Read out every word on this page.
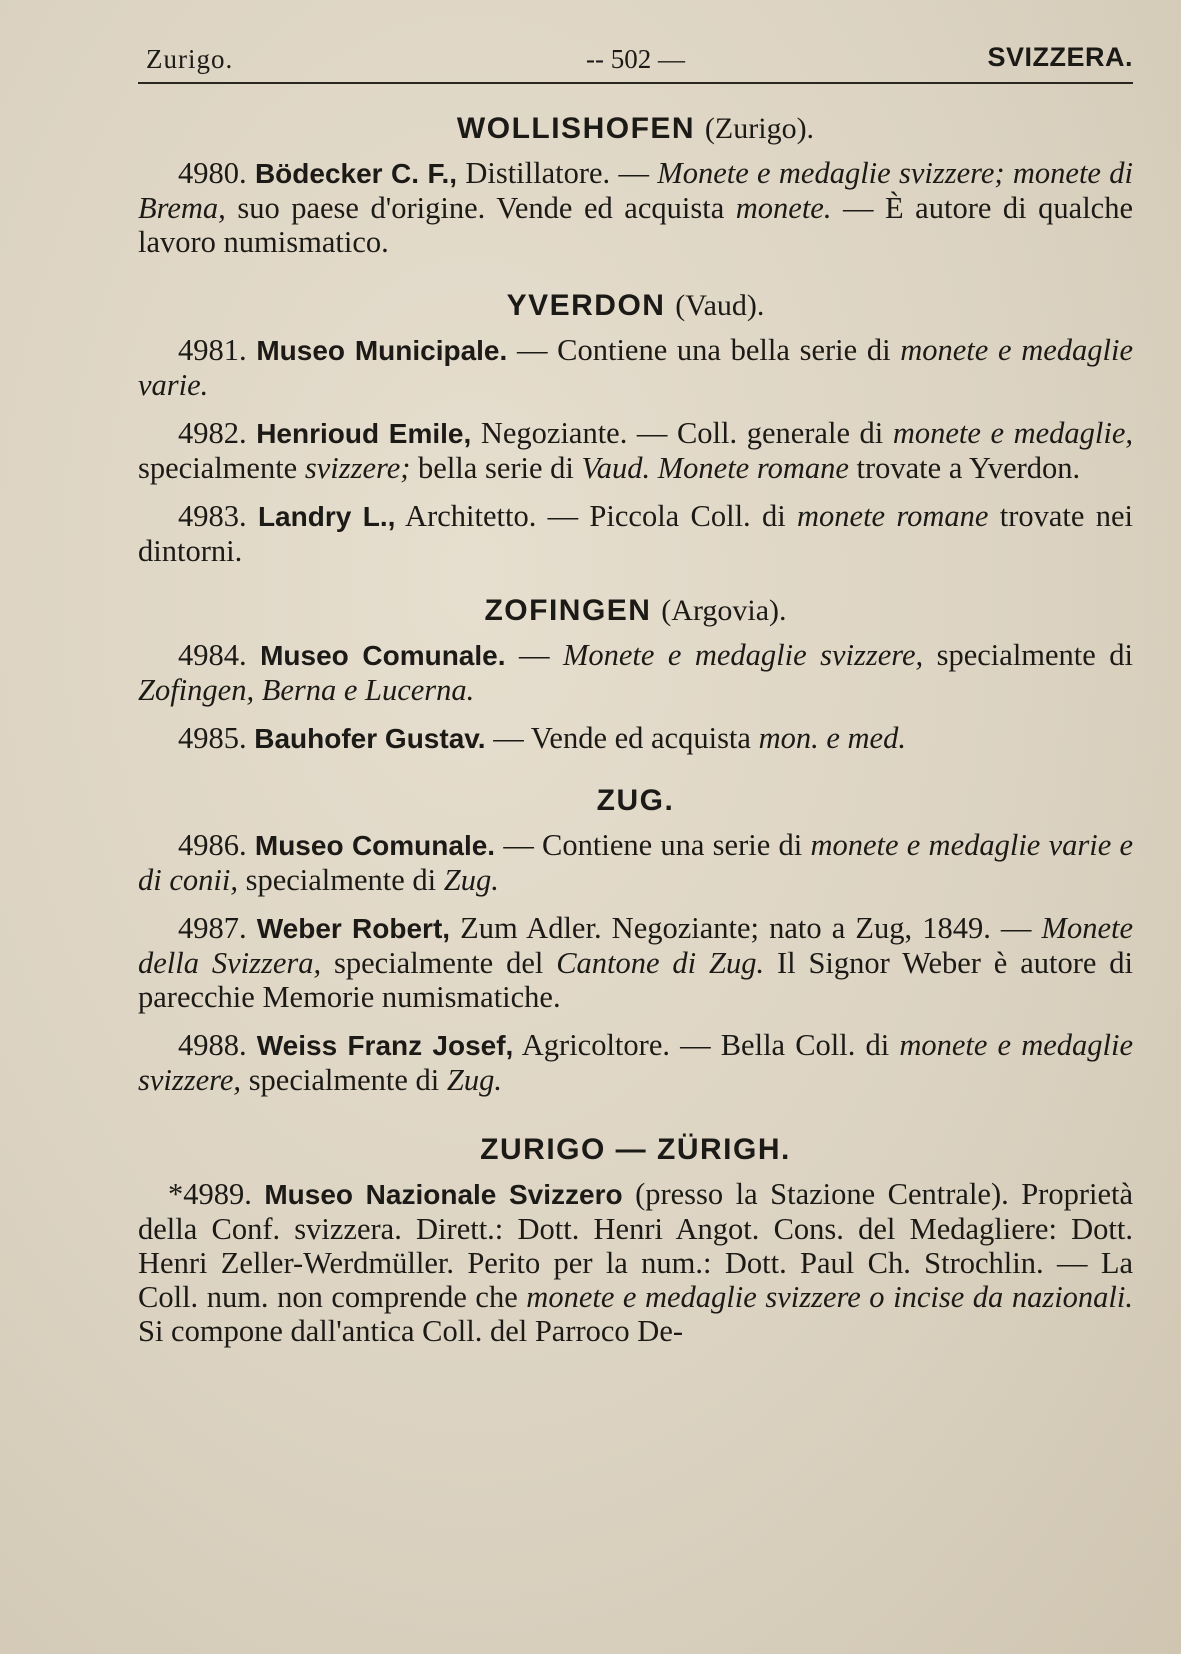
Zurigo.	-- 502 —	SVIZZERA.
WOLLISHOFEN (Zurigo).

4980. Bödecker C. F., Distillatore. — Monete e medaglie svizzere; monete di Brema, suo paese d'origine. Vende ed acquista monete. — È autore di qualche lavoro numismatico.

YVERDON (Vaud).

4981. Museo Municipale. — Contiene una bella serie di monete e medaglie varie.

4982. Henrioud Emile, Negoziante. — Coll. generale di monete e medaglie, specialmente svizzere; bella serie di Vaud. Monete romane trovate a Yverdon.

4983. Landry L., Architetto. — Piccola Coll. di monete romane trovate nei dintorni.

ZOFINGEN (Argovia).

4984. Museo Comunale. — Monete e medaglie svizzere, specialmente di Zofingen, Berna e Lucerna.

4985. Bauhofer Gustav. — Vende ed acquista mon. e med.

ZUG.

4986. Museo Comunale. — Contiene una serie di monete e medaglie varie e di conii, specialmente di Zug.

4987. Weber Robert, Zum Adler. Negoziante; nato a Zug, 1849. — Monete della Svizzera, specialmente del Cantone di Zug. Il Signor Weber è autore di parecchie Memorie numismatiche.

4988. Weiss Franz Josef, Agricoltore. — Bella Coll. di monete e medaglie svizzere, specialmente di Zug.

ZURIGO — ZÜRIGH.

*4989. Museo Nazionale Svizzero (presso la Stazione Centrale). Proprietà della Conf. svizzera. Dirett.: Dott. Henri Angot. Cons. del Medagliere: Dott. Henri Zeller-Werdmüller. Perito per la num.: Dott. Paul Ch. Strochlin. — La Coll. num. non comprende che monete e medaglie svizzere o incise da nazionali. Si compone dall'antica Coll. del Parroco De-
